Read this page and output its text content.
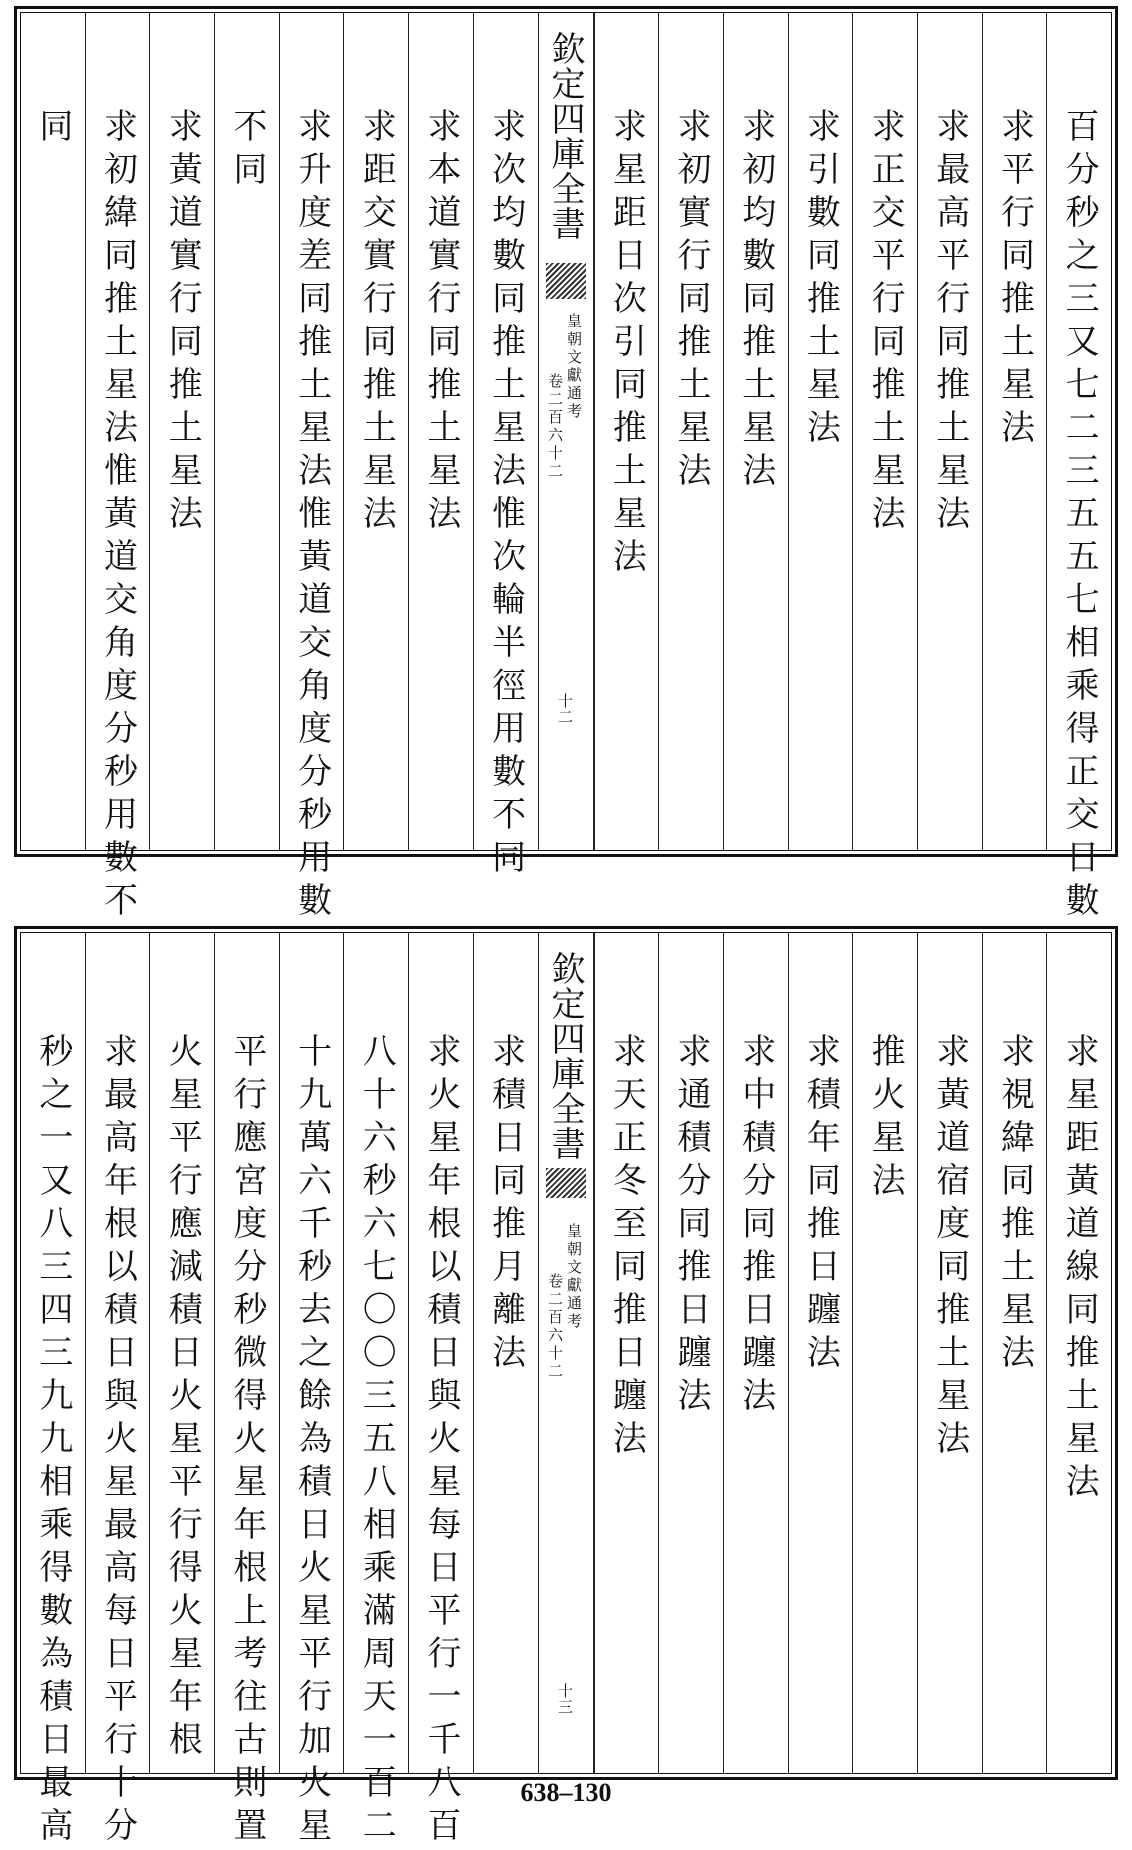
百分秒之三又七二三五五七相乘得正交日數
求平行同推土星法
求最高平行同推土星法
求正交平行同推土星法
求引數同推土星法
求初均數同推土星法
求初實行同推土星法
求星距日次引同推土星法
欽定四庫全書
皇朝文獻通考
卷二百六十二
十二
求次均數同推土星法惟次輪半徑用數不同
求本道實行同推土星法
求距交實行同推土星法
求升度差同推土星法惟黃道交角度分秒用數
不同
求黃道實行同推土星法
求初緯同推土星法惟黃道交角度分秒用數不
同
求星距黃道線同推土星法
求視緯同推土星法
求黃道宿度同推土星法
推火星法
求積年同推日躔法
求中積分同推日躔法
求通積分同推日躔法
求天正冬至同推日躔法
欽定四庫全書
皇朝文獻通考
卷二百六十二
十三
求積日同推月離法
求火星年根以積日與火星每日平行一千八百
八十六秒六七〇〇三五八相乘滿周天一百二
十九萬六千秒去之餘為積日火星平行加火星
平行應宮度分秒微得火星年根上考往古則置
火星平行應減積日火星平行得火星年根
求最高年根以積日與火星最高每日平行十分
秒之一又八三四三九九相乘得數為積日最高	638–130
